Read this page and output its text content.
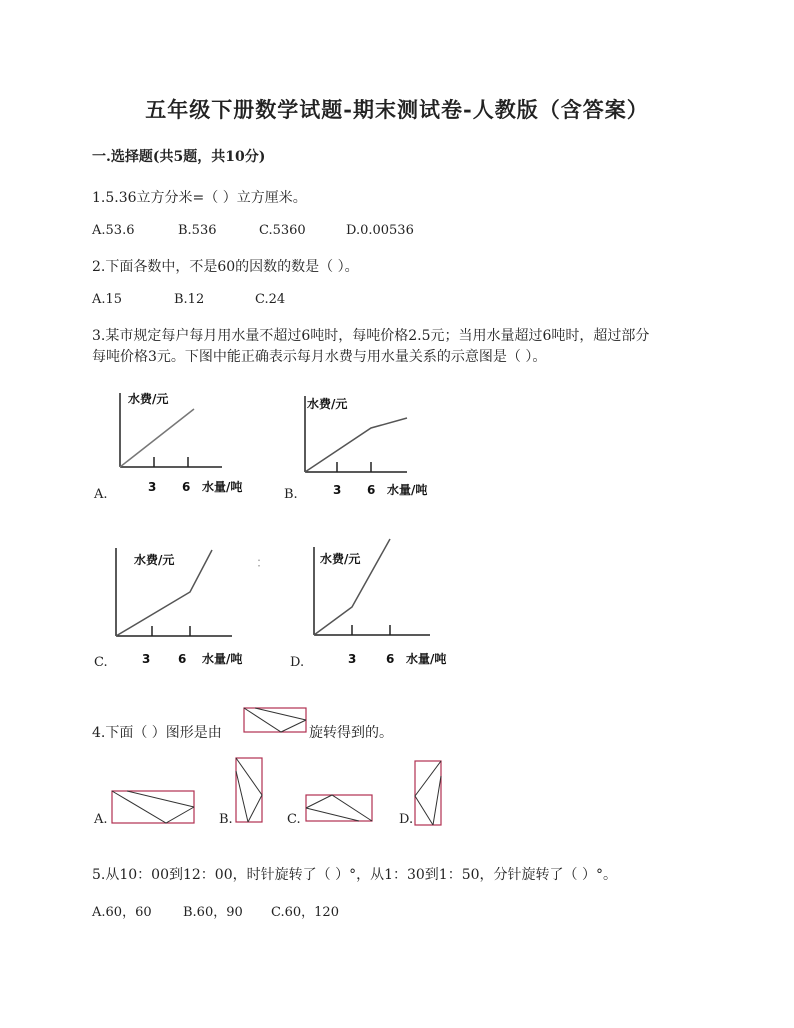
五年级下册数学试题-期末测试卷-人教版（含答案）
一.选择题(共5题，共10分)
1.5.36立方分米=（ ）立方厘米。
A.53.6	B.536	C.5360	D.0.00536
2.下面各数中，不是60的因数的数是（ ）。
A.15	B.12	C.24
3.某市规定每户每月用水量不超过6吨时，每吨价格2.5元；当用水量超过6吨时，超过部分
每吨价格3元。下图中能正确表示每月水费与用水量关系的示意图是（ ）。
A.
水费/元
3 6 水量/吨	B.
水费/元
3 6 水量/吨
C.
水费/元
3 6 水量/吨
：
D.
水费/元
3 6 水量/吨
4.下面（ ）图形是由	旋转得到的。
A.	B.	C.	D.
5.从10：00到12：00，时针旋转了（ ）°，从1：30到1：50，分针旋转了（ ）°。
A.60，60 B.60，90 C.60，120
